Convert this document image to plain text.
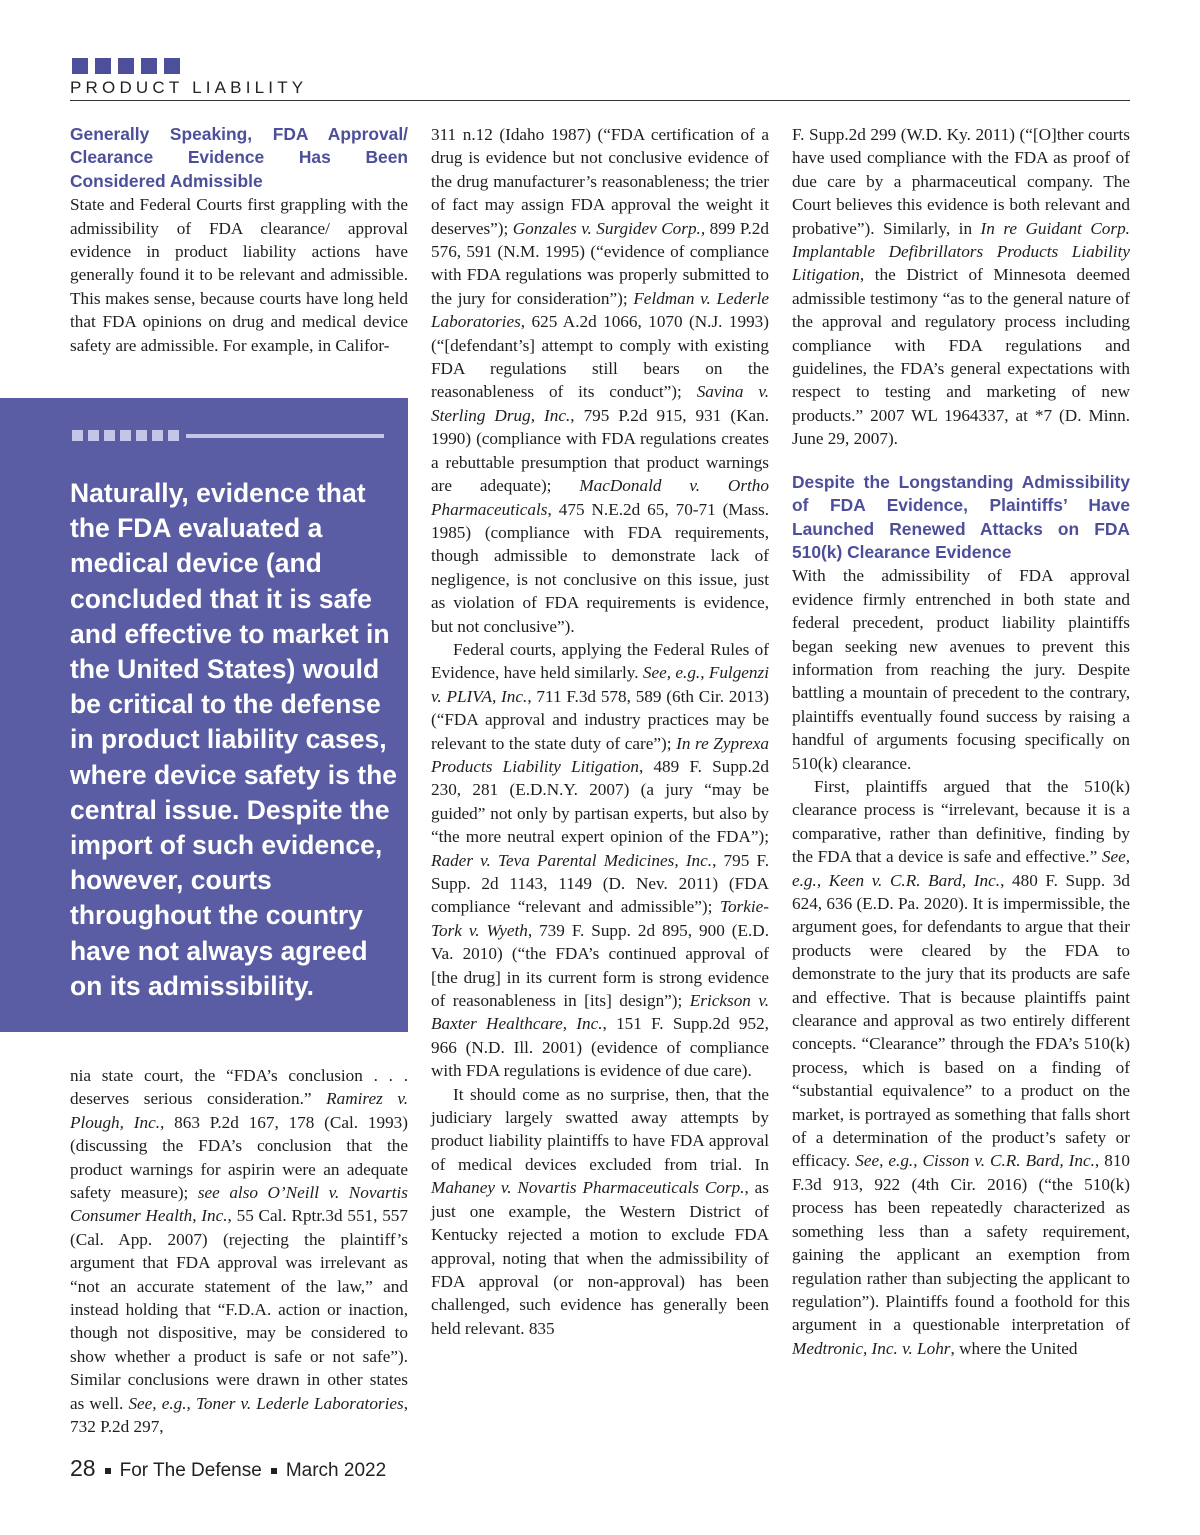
PRODUCT LIABILITY
Generally Speaking, FDA Approval/ Clearance Evidence Has Been Considered Admissible

State and Federal Courts first grappling with the admissibility of FDA clearance/ approval evidence in product liability actions have generally found it to be relevant and admissible. This makes sense, because courts have long held that FDA opinions on drug and medical device safety are admissible. For example, in Califor-

Naturally, evidence that the FDA evaluated a medical device (and concluded that it is safe and effective to market in the United States) would be critical to the defense in product liability cases, where device safety is the central issue. Despite the import of such evidence, however, courts throughout the country have not always agreed on its admissibility.

nia state court, the “FDA’s conclusion . . . deserves serious consideration.” Ramirez v. Plough, Inc., 863 P.2d 167, 178 (Cal. 1993) (discussing the FDA’s conclusion that the product warnings for aspirin were an adequate safety measure); see also O’Neill v. Novartis Consumer Health, Inc., 55 Cal. Rptr.3d 551, 557 (Cal. App. 2007) (rejecting the plaintiff’s argument that FDA approval was irrelevant as “not an accurate statement of the law,” and instead holding that “F.D.A. action or inaction, though not dispositive, may be considered to show whether a product is safe or not safe”). Similar conclusions were drawn in other states as well. See, e.g., Toner v. Lederle Laboratories, 732 P.2d 297,

311 n.12 (Idaho 1987) (“FDA certification of a drug is evidence but not conclusive evidence of the drug manufacturer’s reasonableness; the trier of fact may assign FDA approval the weight it deserves”); Gonzales v. Surgidev Corp., 899 P.2d 576, 591 (N.M. 1995) (“evidence of compliance with FDA regulations was properly submitted to the jury for consideration”); Feldman v. Lederle Laboratories, 625 A.2d 1066, 1070 (N.J. 1993) (“[defendant’s] attempt to comply with existing FDA regulations still bears on the reasonableness of its conduct”); Savina v. Sterling Drug, Inc., 795 P.2d 915, 931 (Kan. 1990) (compliance with FDA regulations creates a rebuttable presumption that product warnings are adequate); MacDonald v. Ortho Pharmaceuticals, 475 N.E.2d 65, 70-71 (Mass. 1985) (compliance with FDA requirements, though admissible to demonstrate lack of negligence, is not conclusive on this issue, just as violation of FDA requirements is evidence, but not conclusive”).

Federal courts, applying the Federal Rules of Evidence, have held similarly. See, e.g., Fulgenzi v. PLIVA, Inc., 711 F.3d 578, 589 (6th Cir. 2013) (“FDA approval and industry practices may be relevant to the state duty of care”); In re Zyprexa Products Liability Litigation, 489 F. Supp.2d 230, 281 (E.D.N.Y. 2007) (a jury “may be guided” not only by partisan experts, but also by “the more neutral expert opinion of the FDA”); Rader v. Teva Parental Medicines, Inc., 795 F. Supp. 2d 1143, 1149 (D. Nev. 2011) (FDA compliance “relevant and admissible”); Torkie-Tork v. Wyeth, 739 F. Supp. 2d 895, 900 (E.D. Va. 2010) (“the FDA’s continued approval of [the drug] in its current form is strong evidence of reasonableness in [its] design”); Erickson v. Baxter Healthcare, Inc., 151 F. Supp.2d 952, 966 (N.D. Ill. 2001) (evidence of compliance with FDA regulations is evidence of due care).

It should come as no surprise, then, that the judiciary largely swatted away attempts by product liability plaintiffs to have FDA approval of medical devices excluded from trial. In Mahaney v. Novartis Pharmaceuticals Corp., as just one example, the Western District of Kentucky rejected a motion to exclude FDA approval, noting that when the admissibility of FDA approval (or non-approval) has been challenged, such evidence has generally been held relevant. 835

F. Supp.2d 299 (W.D. Ky. 2011) (“[O]ther courts have used compliance with the FDA as proof of due care by a pharmaceutical company. The Court believes this evidence is both relevant and probative”). Similarly, in In re Guidant Corp. Implantable Defibrillators Products Liability Litigation, the District of Minnesota deemed admissible testimony “as to the general nature of the approval and regulatory process including compliance with FDA regulations and guidelines, the FDA’s general expectations with respect to testing and marketing of new products.” 2007 WL 1964337, at *7 (D. Minn. June 29, 2007).

Despite the Longstanding Admissibility of FDA Evidence, Plaintiffs’ Have Launched Renewed Attacks on FDA 510(k) Clearance Evidence

With the admissibility of FDA approval evidence firmly entrenched in both state and federal precedent, product liability plaintiffs began seeking new avenues to prevent this information from reaching the jury. Despite battling a mountain of precedent to the contrary, plaintiffs eventually found success by raising a handful of arguments focusing specifically on 510(k) clearance.

First, plaintiffs argued that the 510(k) clearance process is “irrelevant, because it is a comparative, rather than definitive, finding by the FDA that a device is safe and effective.” See, e.g., Keen v. C.R. Bard, Inc., 480 F. Supp. 3d 624, 636 (E.D. Pa. 2020). It is impermissible, the argument goes, for defendants to argue that their products were cleared by the FDA to demonstrate to the jury that its products are safe and effective. That is because plaintiffs paint clearance and approval as two entirely different concepts. “Clearance” through the FDA’s 510(k) process, which is based on a finding of “substantial equivalence” to a product on the market, is portrayed as something that falls short of a determination of the product’s safety or efficacy. See, e.g., Cisson v. C.R. Bard, Inc., 810 F.3d 913, 922 (4th Cir. 2016) (“the 510(k) process has been repeatedly characterized as something less than a safety requirement, gaining the applicant an exemption from regulation rather than subjecting the applicant to regulation”). Plaintiffs found a foothold for this argument in a questionable interpretation of Medtronic, Inc. v. Lohr, where the United

28 For The Defense March 2022
